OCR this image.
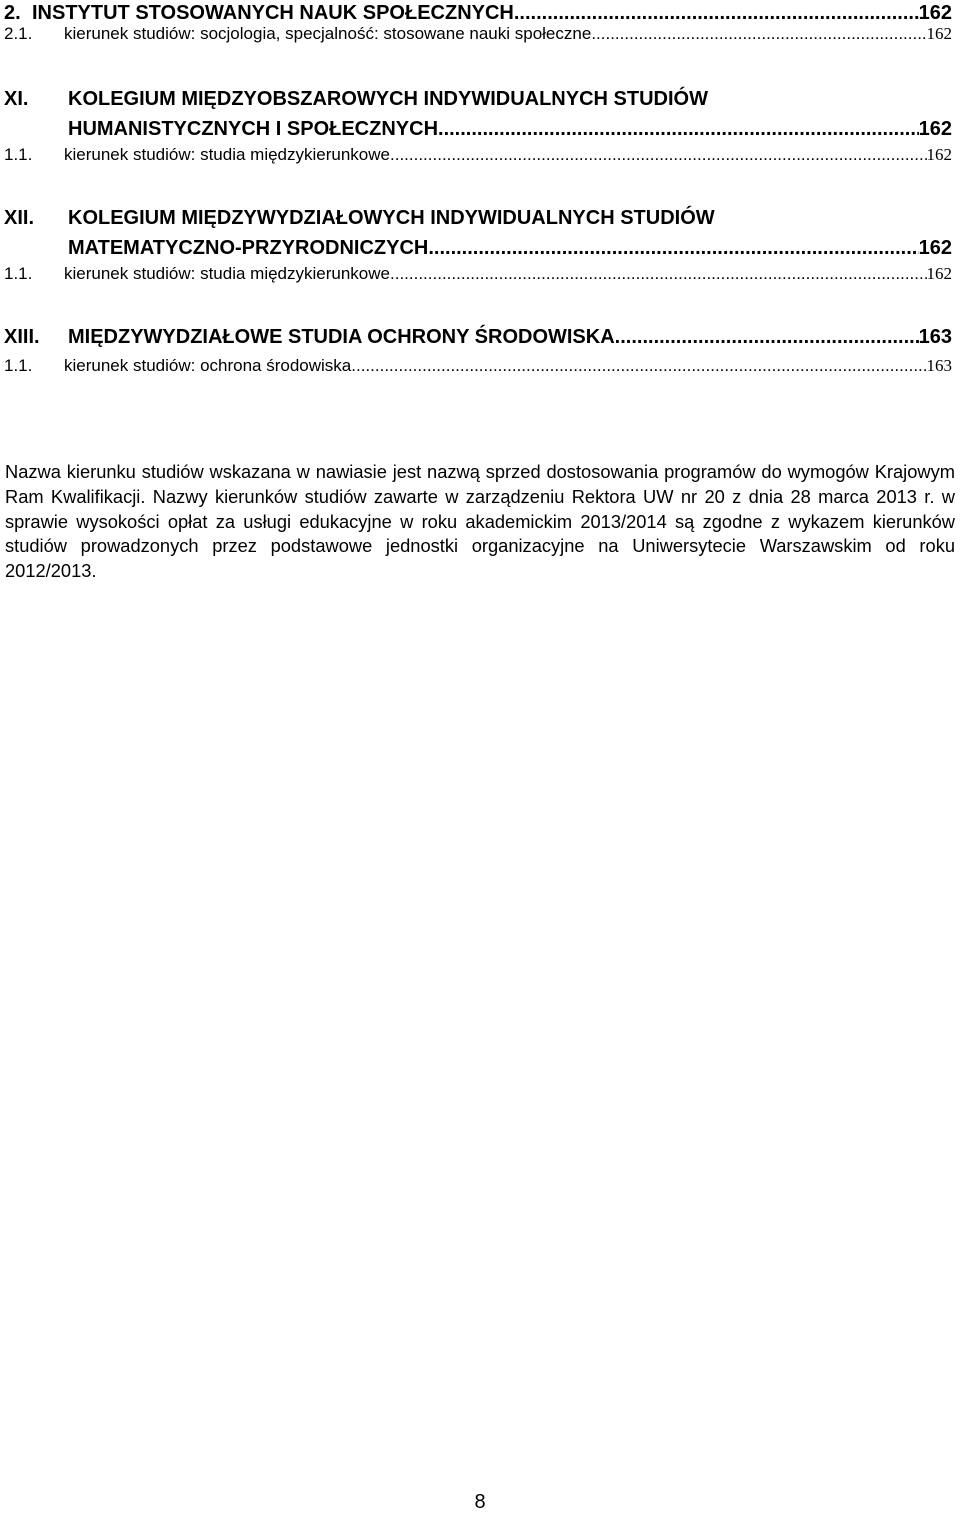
2. INSTYTUT STOSOWANYCH NAUK SPOŁECZNYCH .....	162
2.1.	kierunek studiów: socjologia, specjalność: stosowane nauki społeczne .....	162
XI.	KOLEGIUM MIĘDZYOBSZAROWYCH INDYWIDUALNYCH STUDIÓW
HUMANISTYCZNYCH I SPOŁECZNYCH .....	162
1.1.	kierunek studiów: studia międzykierunkowe .....	162
XII.	KOLEGIUM MIĘDZYWYDZIAŁOWYCH INDYWIDUALNYCH STUDIÓW
MATEMATYCZNO-PRZYRODNICZYCH .....	162
1.1.	kierunek studiów: studia międzykierunkowe .....	162
XIII.	MIĘDZYWYDZIAŁOWE STUDIA OCHRONY ŚRODOWISKA .....	163
1.1.	kierunek studiów: ochrona środowiska .....	163

Nazwa kierunku studiów wskazana w nawiasie jest nazwą sprzed dostosowania programów do wymogów Krajowym Ram Kwalifikacji. Nazwy kierunków studiów zawarte w zarządzeniu Rektora UW nr 20 z dnia 28 marca 2013 r. w sprawie wysokości opłat za usługi edukacyjne w roku akademickim 2013/2014 są zgodne z wykazem kierunków studiów prowadzonych przez podstawowe jednostki organizacyjne na Uniwersytecie Warszawskim od roku 2012/2013.

8
